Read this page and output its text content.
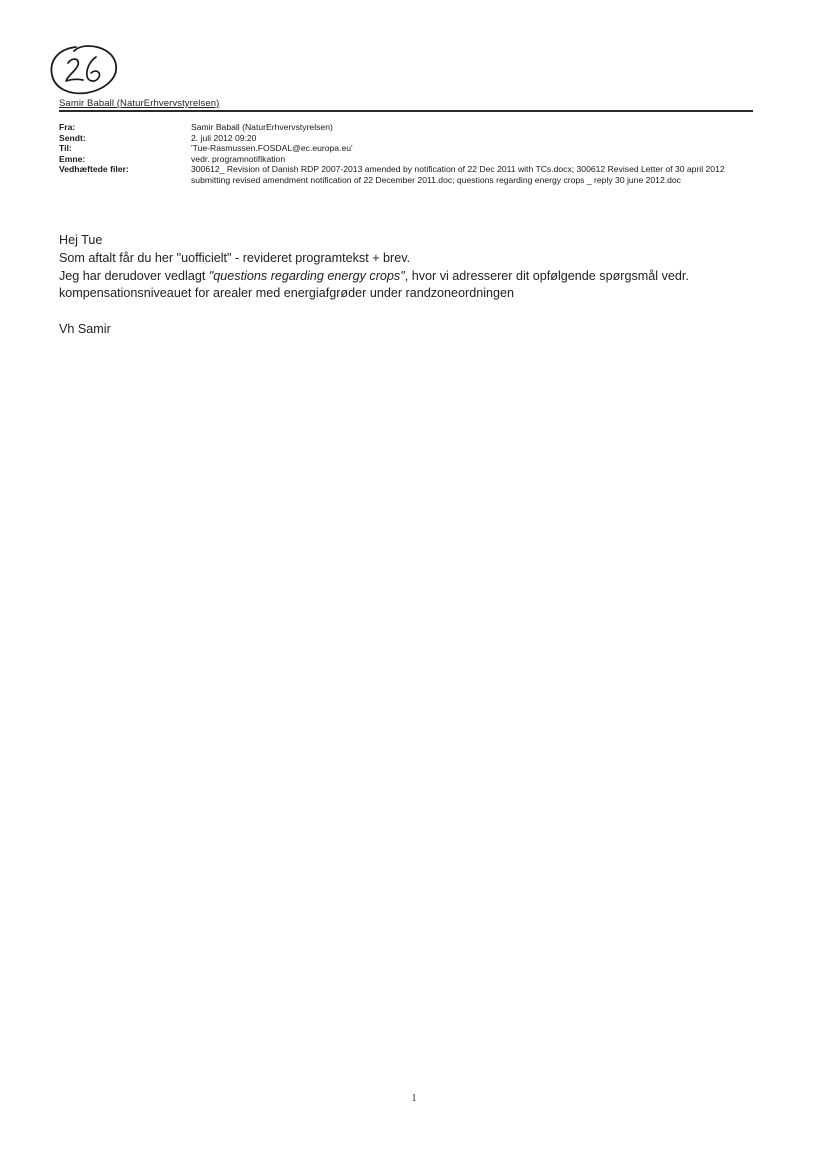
Samir Baball (NaturErhvervstyrelsen)
Fra:	Samir Baball (NaturErhvervstyrelsen)
Sendt:	2. juli 2012 09:20
Til:	'Tue-Rasmussen.FOSDAL@ec.europa.eu'
Emne:	vedr. programnotifikation
Vedhæftede filer:	300612_ Revision of Danish RDP 2007-2013 amended by notification of 22 Dec 2011 with TCs.docx; 300612 Revised Letter of 30 april 2012 submitting revised amendment notification of 22 December 2011.doc; questions regarding energy crops _ reply 30 june 2012.doc

Hej Tue

Som aftalt får du her "uofficielt" - revideret programtekst + brev.

Jeg har derudover vedlagt "questions regarding energy crops", hvor vi adresserer dit opfølgende spørgsmål vedr. kompensationsniveauet for arealer med energiafgrøder under randzoneordningen

Vh Samir

1
